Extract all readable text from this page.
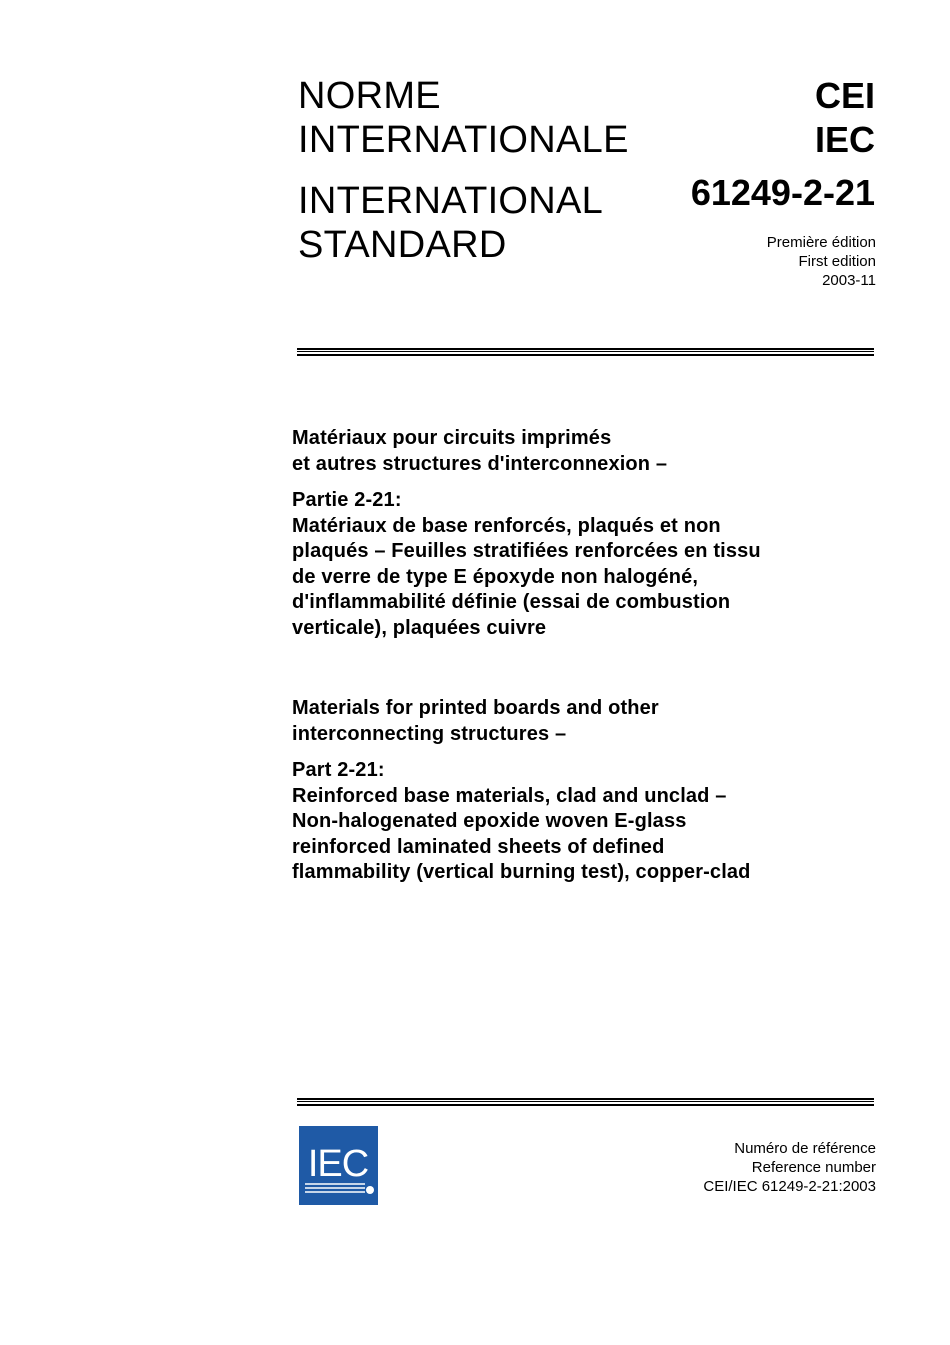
NORME
INTERNATIONALE
INTERNATIONAL
STANDARD
CEI
IEC
61249-2-21
Première édition
First edition
2003-11
Matériaux pour circuits imprimés
et autres structures d'interconnexion –
Partie 2-21:
Matériaux de base renforcés, plaqués et non
plaqués – Feuilles stratifiées renforcées en tissu
de verre de type E époxyde non halogéné,
d'inflammabilité définie (essai de combustion
verticale), plaquées cuivre
Materials for printed boards and other
interconnecting structures –
Part 2-21:
Reinforced base materials, clad and unclad –
Non-halogenated epoxide woven E-glass
reinforced laminated sheets of defined
flammability (vertical burning test), copper-clad
IEC	Numéro de référence
Reference number
CEI/IEC 61249-2-21:2003
